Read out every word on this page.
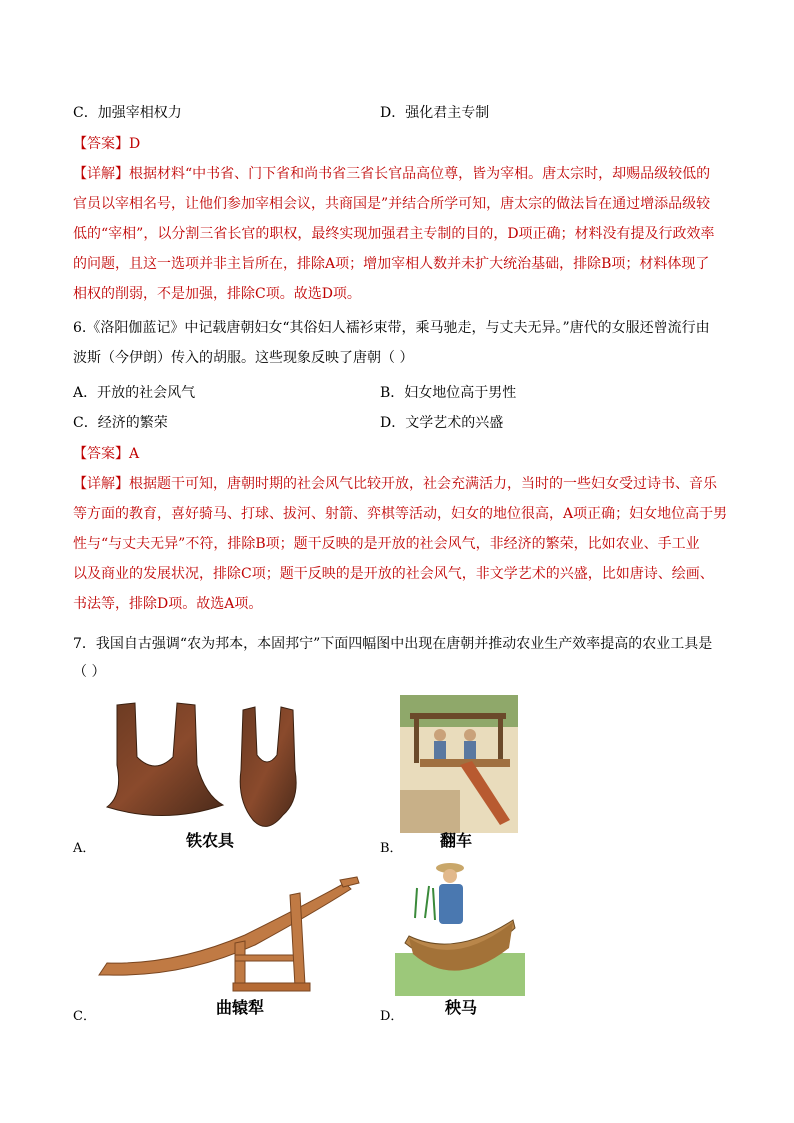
C．加强宰相权力	D．强化君主专制
【答案】D
【详解】根据材料“中书省、门下省和尚书省三省长官品高位尊，皆为宰相。唐太宗时，却赐品级较低的
官员以宰相名号，让他们参加宰相会议，共商国是”并结合所学可知，唐太宗的做法旨在通过增添品级较
低的“宰相”，以分割三省长官的职权，最终实现加强君主专制的目的，D项正确；材料没有提及行政效率
的问题，且这一选项并非主旨所在，排除A项；增加宰相人数并未扩大统治基础，排除B项；材料体现了
相权的削弱，不是加强，排除C项。故选D项。
6.《洛阳伽蓝记》中记载唐朝妇女“其俗妇人襦衫束带，乘马驰走，与丈夫无异。”唐代的女服还曾流行由
波斯（今伊朗）传入的胡服。这些现象反映了唐朝（ ）
A．开放的社会风气	B．妇女地位高于男性
C．经济的繁荣	D．文学艺术的兴盛
【答案】A
【详解】根据题干可知，唐朝时期的社会风气比较开放，社会充满活力，当时的一些妇女受过诗书、音乐
等方面的教育，喜好骑马、打球、拔河、射箭、弈棋等活动，妇女的地位很高，A项正确；妇女地位高于男
性与“与丈夫无异”不符，排除B项；题干反映的是开放的社会风气，非经济的繁荣，比如农业、手工业
以及商业的发展状况，排除C项；题干反映的是开放的社会风气，非文学艺术的兴盛，比如唐诗、绘画、
书法等，排除D项。故选A项。
7．我国自古强调“农为邦本，本固邦宁”下面四幅图中出现在唐朝并推动农业生产效率提高的农业工具是
（ ）
A．	铁农具	B． 翻车
C．	曲辕犁	D．	秧马
